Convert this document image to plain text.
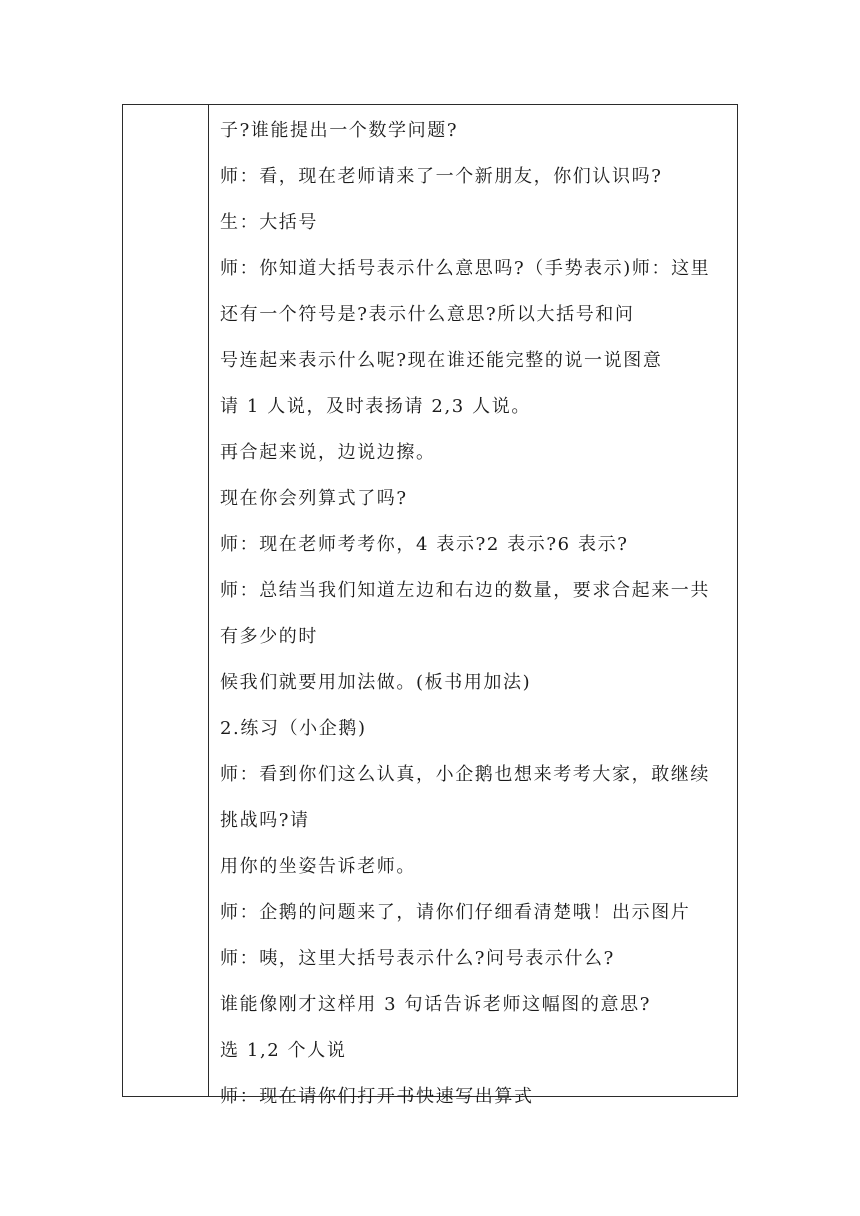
子?谁能提出一个数学问题?
师：看，现在老师请来了一个新朋友，你们认识吗?
生：大括号
师：你知道大括号表示什么意思吗?（手势表示)师：这里
还有一个符号是?表示什么意思?所以大括号和问
号连起来表示什么呢?现在谁还能完整的说一说图意
请 1 人说，及时表扬请 2,3 人说。
再合起来说，边说边擦。
现在你会列算式了吗?
师：现在老师考考你，4 表示?2 表示?6 表示?
师：总结当我们知道左边和右边的数量，要求合起来一共
有多少的时
候我们就要用加法做。(板书用加法)
2.练习（小企鹅)
师：看到你们这么认真，小企鹅也想来考考大家，敢继续
挑战吗?请
用你的坐姿告诉老师。
师：企鹅的问题来了，请你们仔细看清楚哦！出示图片
师：咦，这里大括号表示什么?问号表示什么?
谁能像刚才这样用 3 句话告诉老师这幅图的意思?
选 1,2 个人说
师：现在请你们打开书快速写出算式
